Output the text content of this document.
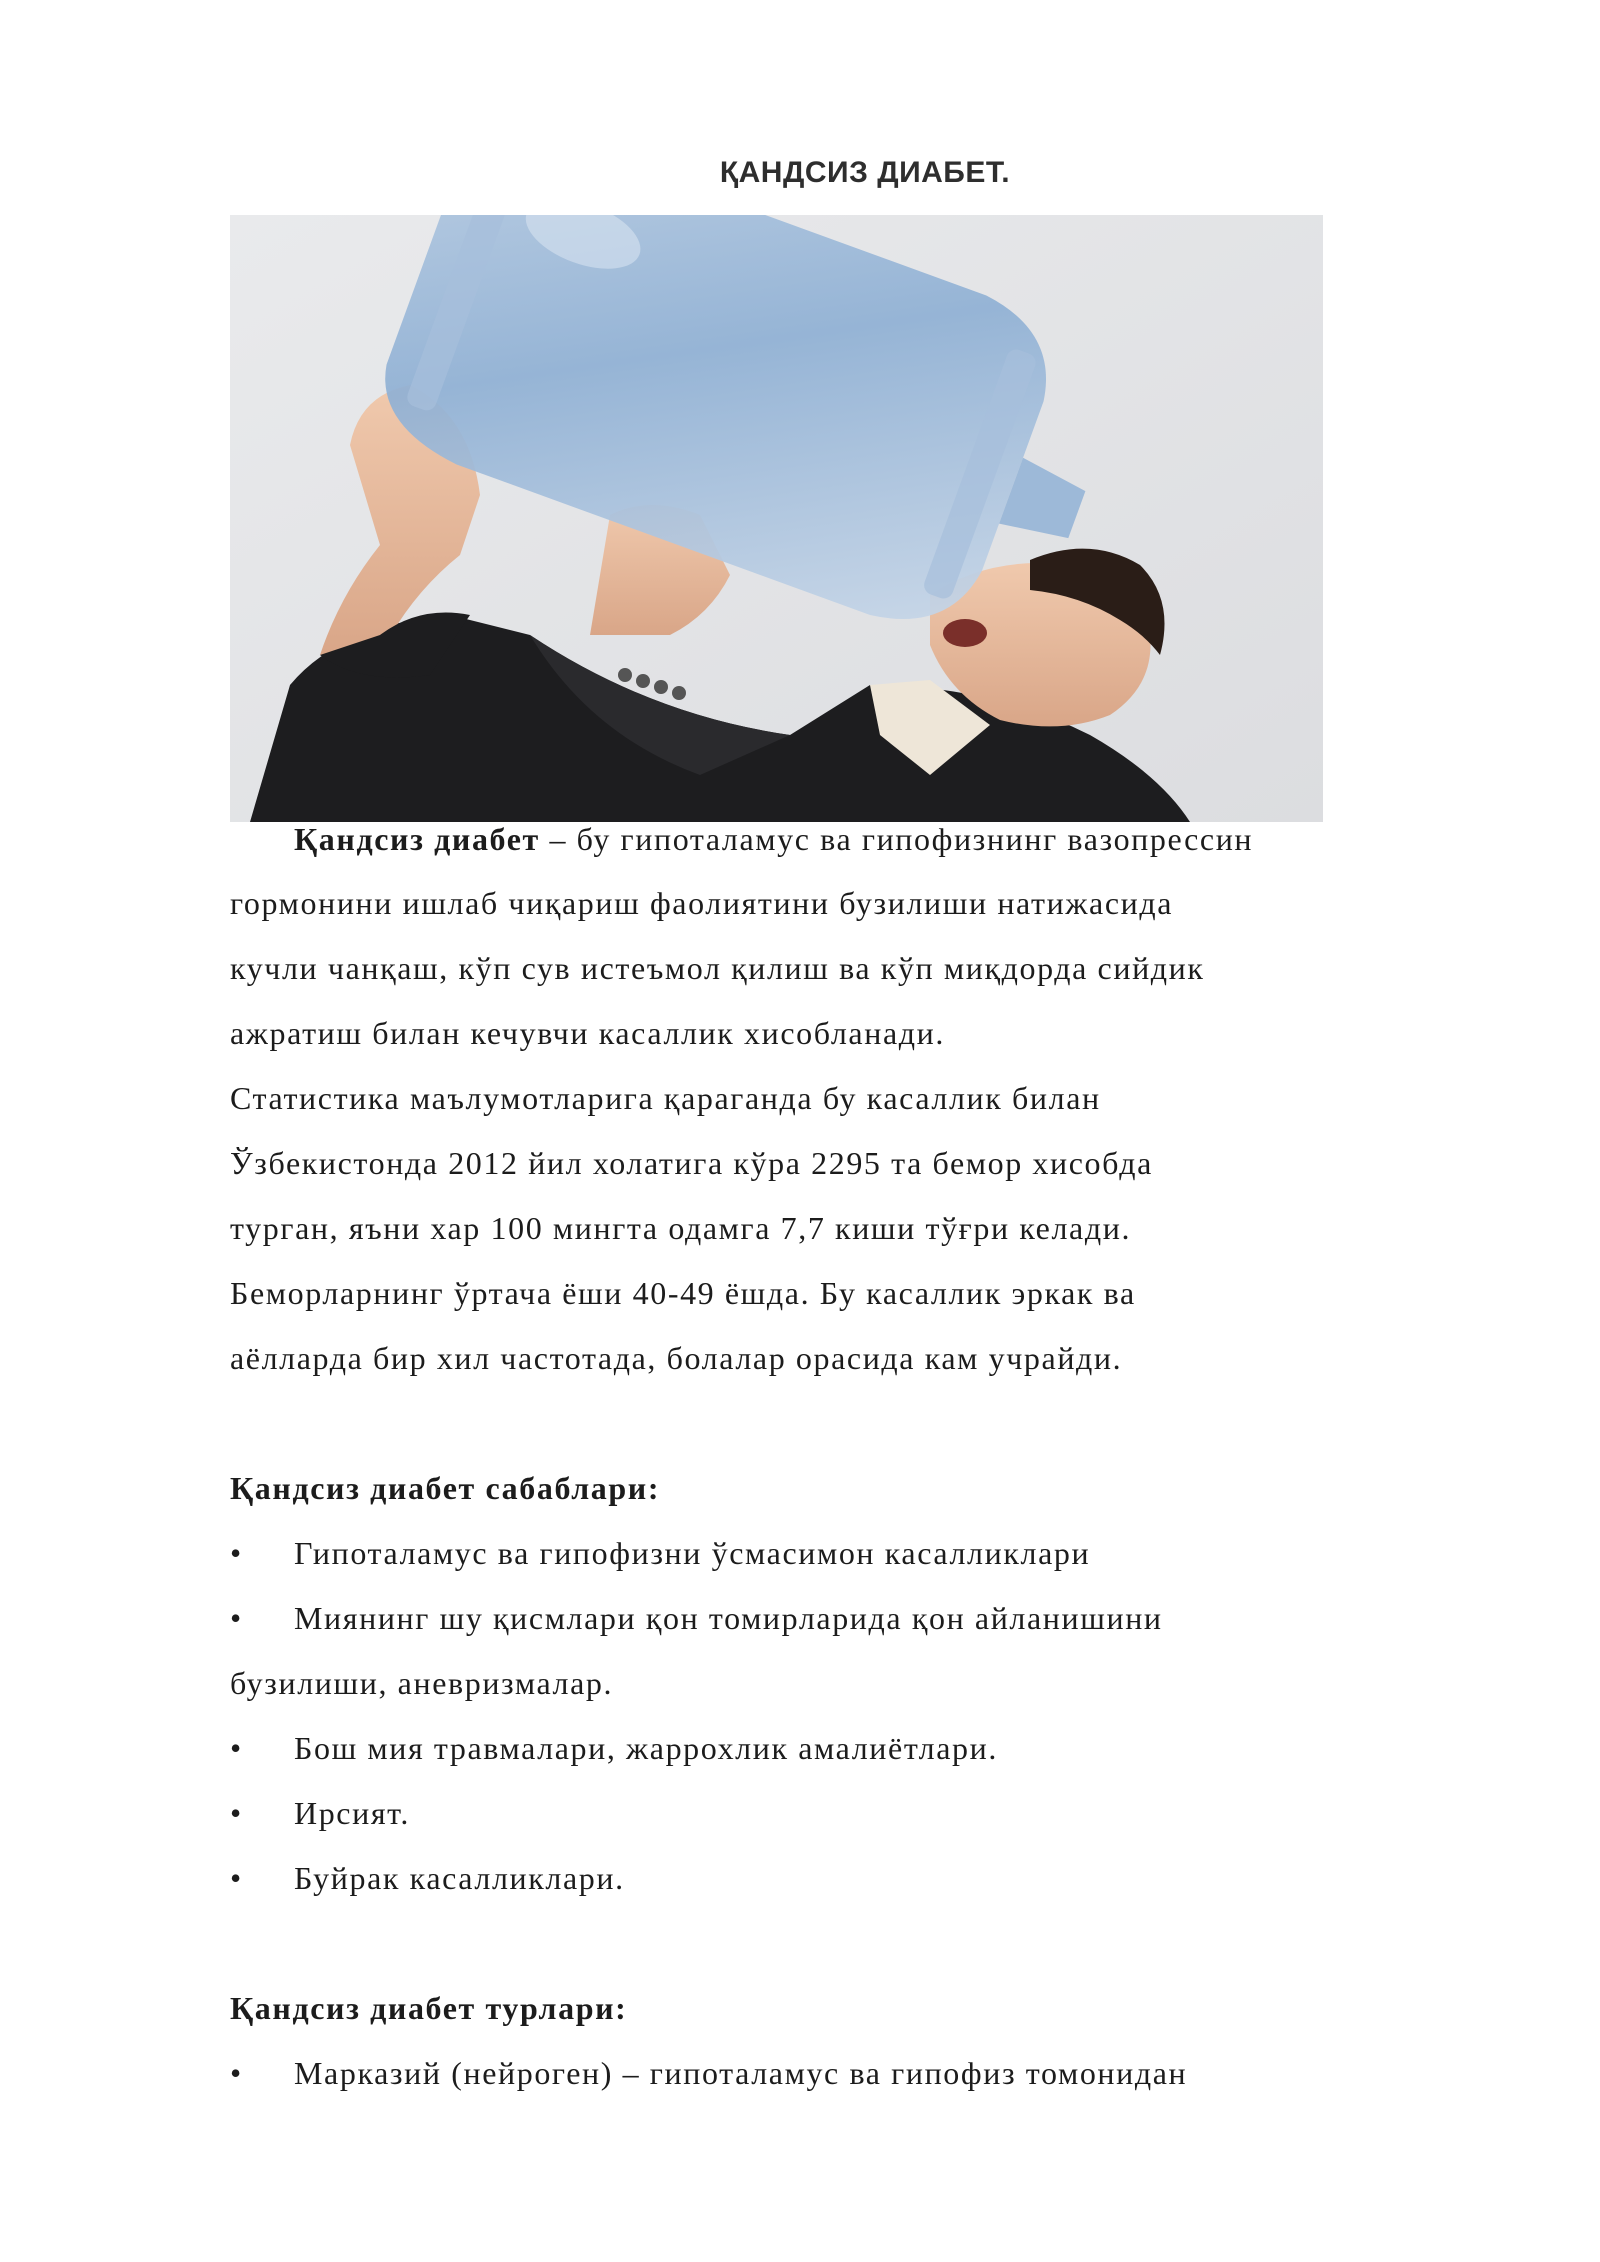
ҚАНДСИЗ ДИАБЕТ.
Қандсиз диабет – бу гипоталамус ва гипофизнинг вазопрессин
гормонини ишлаб чиқариш фаолиятини бузилиши натижасида
кучли чанқаш, кўп сув истеъмол қилиш ва кўп миқдорда сийдик
ажратиш билан кечувчи касаллик хисобланади.
Статистика маълумотларига қараганда бу касаллик билан
Ўзбекистонда 2012 йил холатига кўра 2295 та бемор хисобда
турган, яъни хар 100 мингта одамга 7,7 киши тўғри келади.
Беморларнинг ўртача ёши 40-49 ёшда. Бу касаллик эркак ва
аёлларда бир хил частотада, болалар орасида кам учрайди.
Қандсиз диабет сабаблари:
•	Гипоталамус ва гипофизни ўсмасимон касалликлари
•	Миянинг шу қисмлари қон томирларида қон айланишини
бузилиши, аневризмалар.
•	Бош мия травмалари, жаррохлик амалиётлари.
•	Ирсият.
•	Буйрак касалликлари.
Қандсиз диабет турлари:
•	Марказий (нейроген) – гипоталамус ва гипофиз томонидан
